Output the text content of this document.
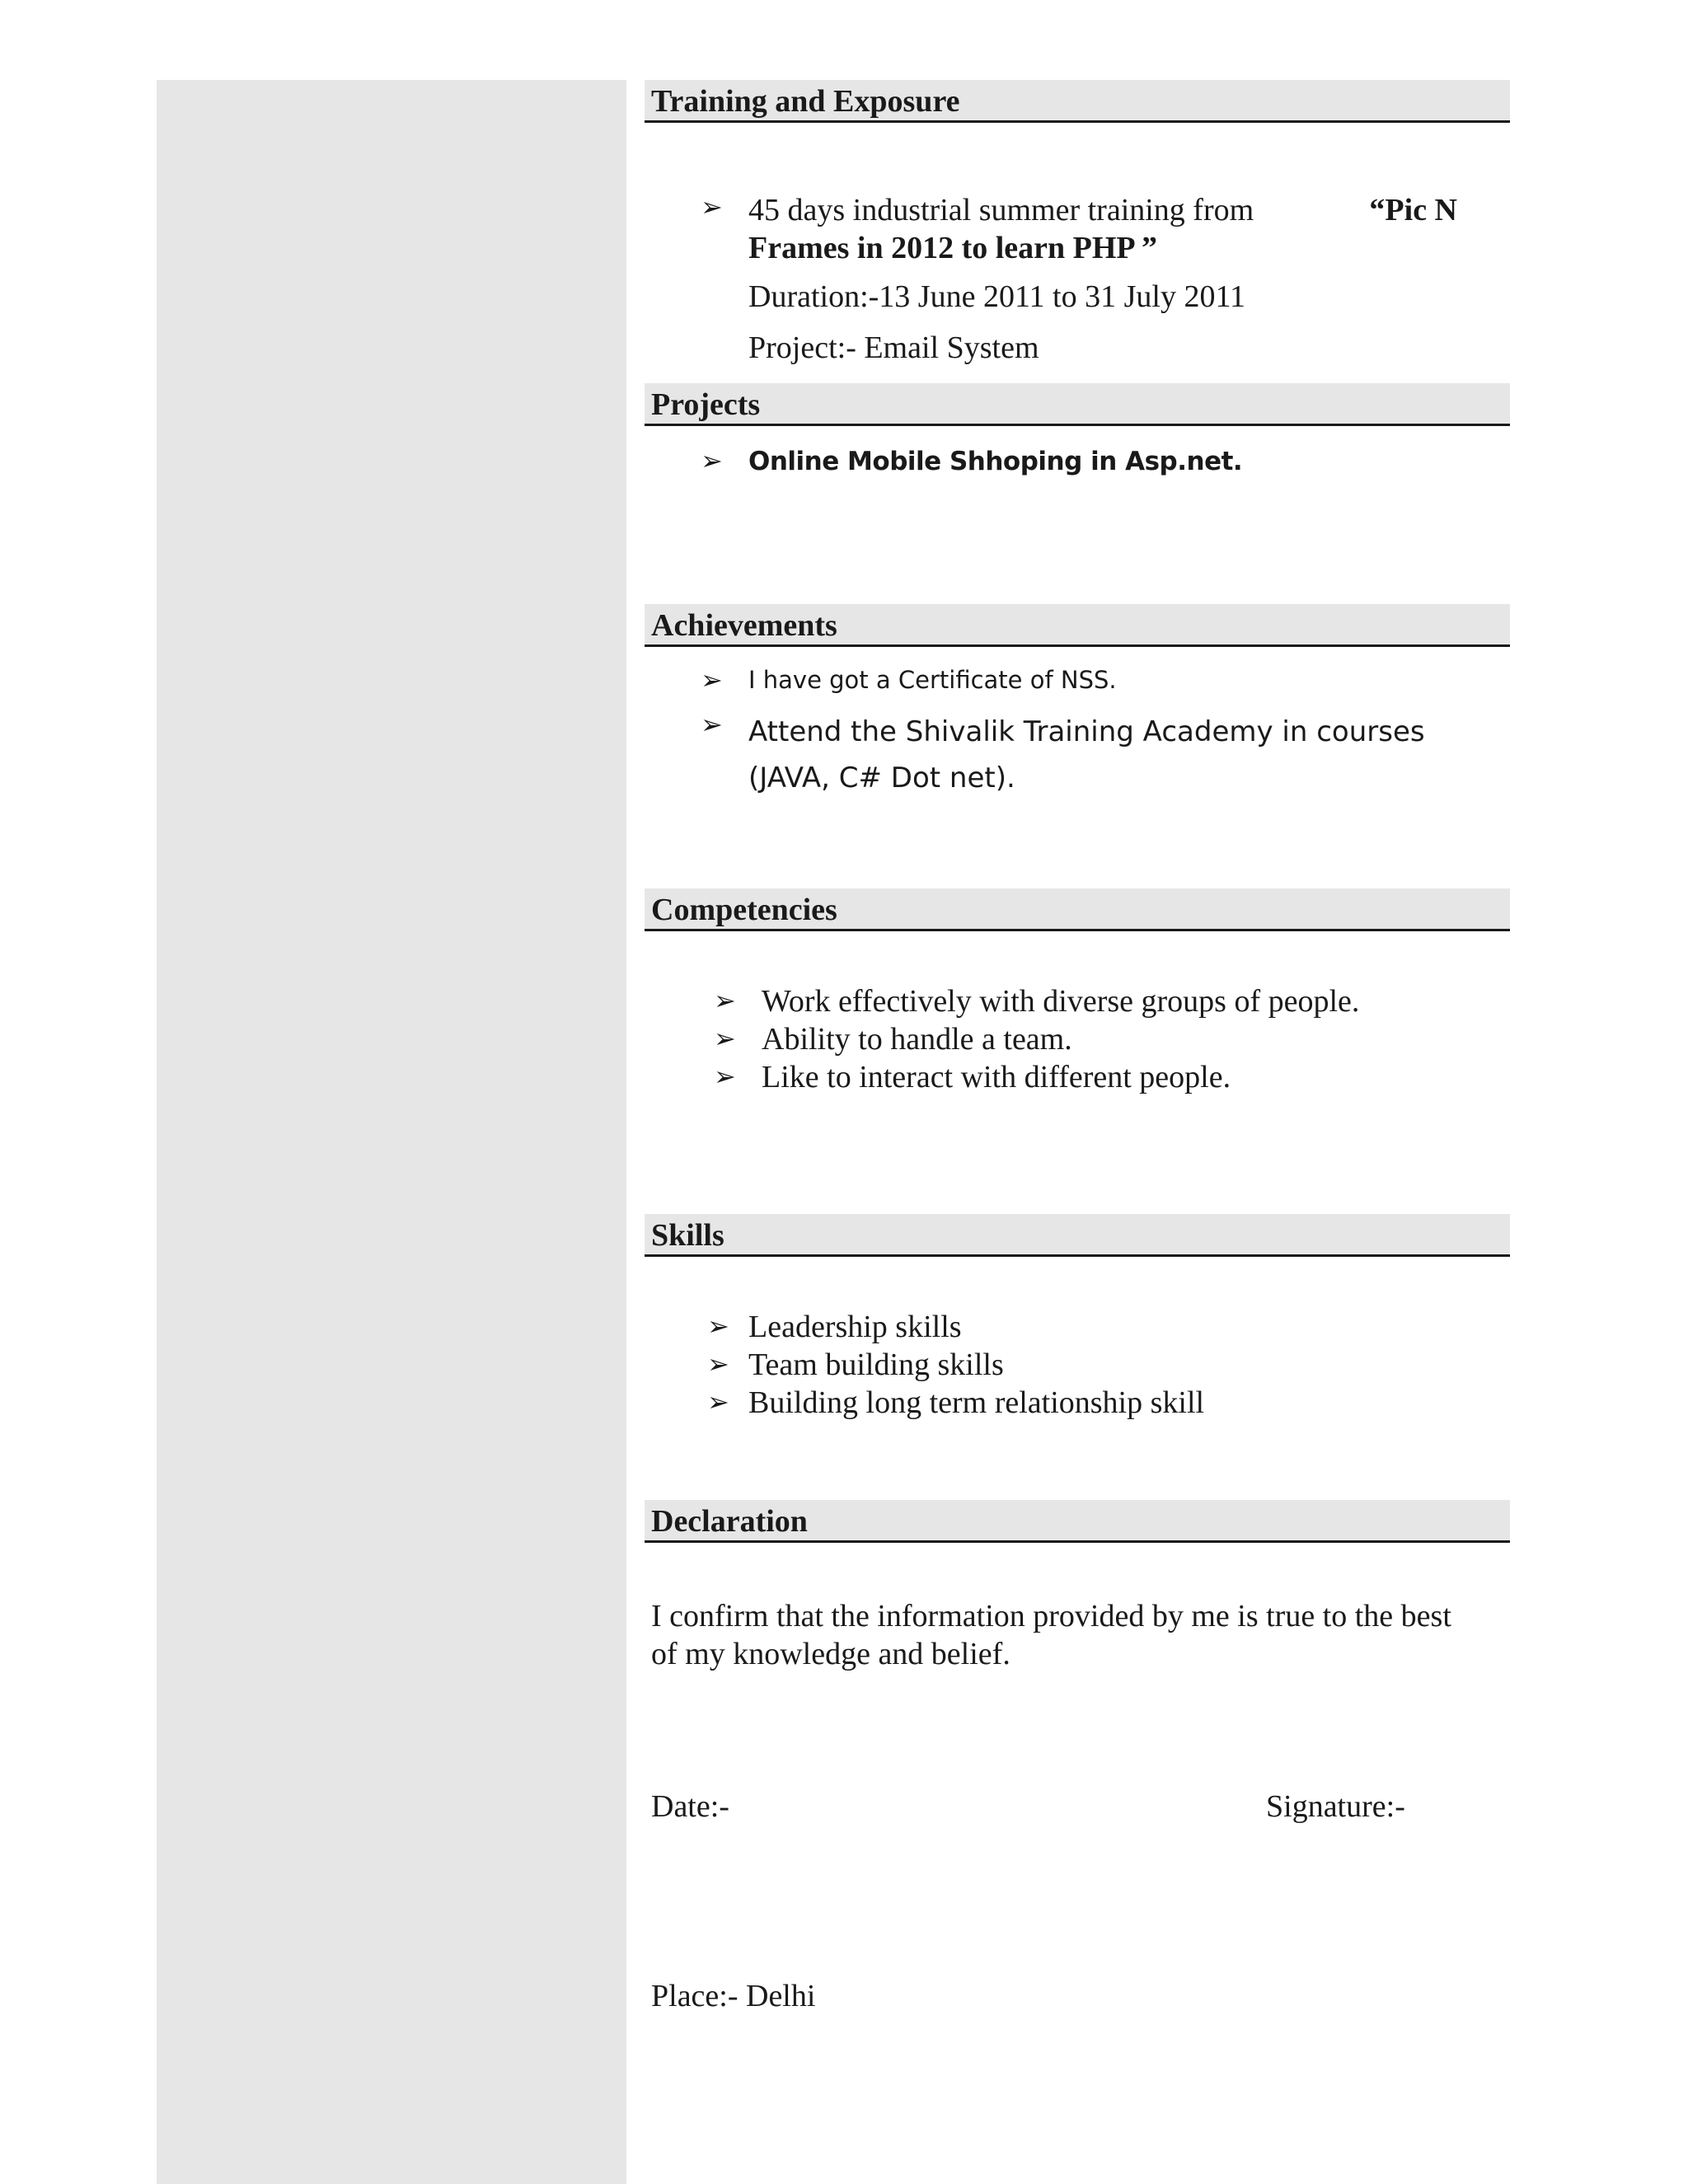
Training and Exposure
➢ 45 days industrial summer training from	“Pic N
Frames in 2012 to learn PHP ”
Duration:-13 June 2011 to 31 July 2011
Project:- Email System
Projects
➢ Online Mobile Shhoping in Asp.net.
Achievements
➢ I have got a Certificate of NSS.
➢ Attend the Shivalik Training Academy in courses
(JAVA, C# Dot net).
Competencies
➢ Work effectively with diverse groups of people.
➢ Ability to handle a team.
➢ Like to interact with different people.
Skills
➢ Leadership skills
➢ Team building skills
➢ Building long term relationship skill
Declaration
I confirm that the information provided by me is true to the best
of my knowledge and belief.
Date:-	Signature:-
Place:- Delhi
